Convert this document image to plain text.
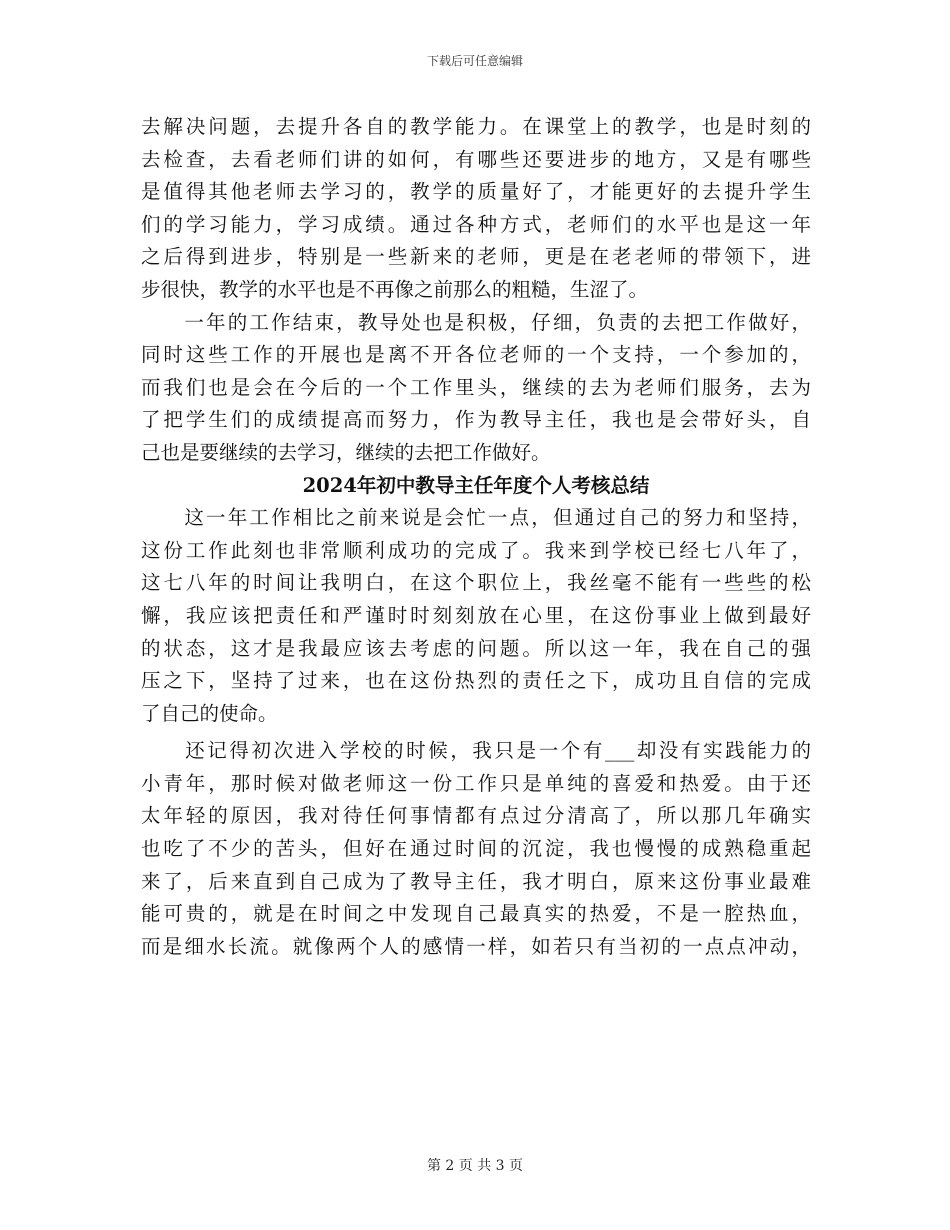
下载后可任意编辑
去解决问题，去提升各自的教学能力。在课堂上的教学，也是时刻的
去检查，去看老师们讲的如何，有哪些还要进步的地方，又是有哪些
是值得其他老师去学习的，教学的质量好了，才能更好的去提升学生
们的学习能力，学习成绩。通过各种方式，老师们的水平也是这一年
之后得到进步，特别是一些新来的老师，更是在老老师的带领下，进
步很快，教学的水平也是不再像之前那么的粗糙，生涩了。
　　一年的工作结束，教导处也是积极，仔细，负责的去把工作做好，
同时这些工作的开展也是离不开各位老师的一个支持，一个参加的，
而我们也是会在今后的一个工作里头，继续的去为老师们服务，去为
了把学生们的成绩提高而努力，作为教导主任，我也是会带好头，自
己也是要继续的去学习，继续的去把工作做好。
2024年初中教导主任年度个人考核总结
　　这一年工作相比之前来说是会忙一点，但通过自己的努力和坚持，
这份工作此刻也非常顺利成功的完成了。我来到学校已经七八年了，
这七八年的时间让我明白，在这个职位上，我丝毫不能有一些些的松
懈，我应该把责任和严谨时时刻刻放在心里，在这份事业上做到最好
的状态，这才是我最应该去考虑的问题。所以这一年，我在自己的强
压之下，坚持了过来，也在这份热烈的责任之下，成功且自信的完成
了自己的使命。
　　还记得初次进入学校的时候，我只是一个有___却没有实践能力的
小青年，那时候对做老师这一份工作只是单纯的喜爱和热爱。由于还
太年轻的原因，我对待任何事情都有点过分清高了，所以那几年确实
也吃了不少的苦头，但好在通过时间的沉淀，我也慢慢的成熟稳重起
来了，后来直到自己成为了教导主任，我才明白，原来这份事业最难
能可贵的，就是在时间之中发现自己最真实的热爱，不是一腔热血，
而是细水长流。就像两个人的感情一样，如若只有当初的一点点冲动，
第 2 页 共 3 页
